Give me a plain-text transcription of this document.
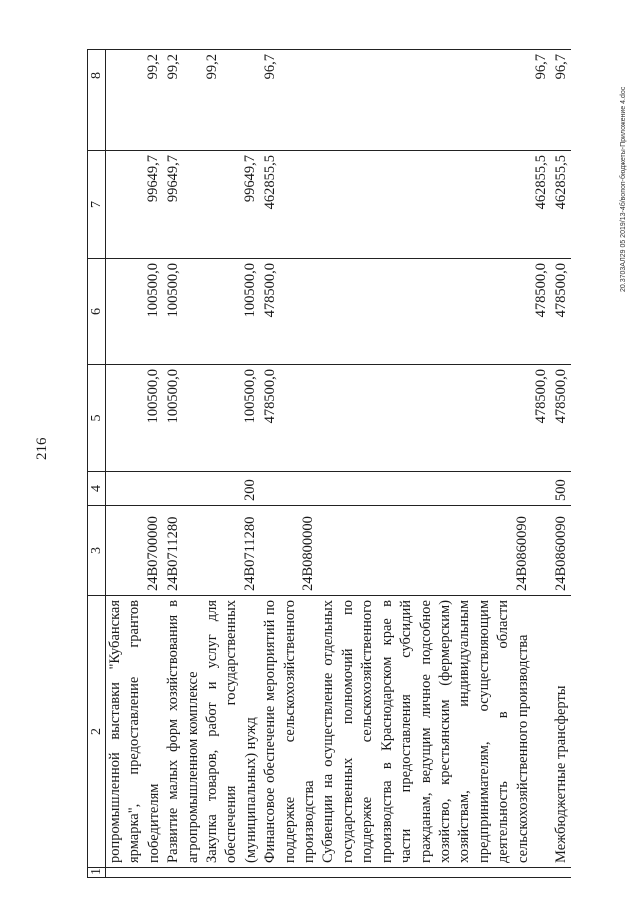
216
1	2	3	4	5	6	7	8
	ропромышленной выставки "Кубанская ярмарка", предоставление грантов победителям	24В0700000		100500,0	100500,0	99649,7	99,2

	Развитие малых форм хозяйствования в агропромышленном комплексе	24В0711280		100500,0	100500,0	99649,7	99,2

	Закупка товаров, работ и услуг для обеспечения государственных (муниципальных) нужд	24В0711280	200	100500,0	100500,0	99649,7	99,2

	Финансовое обеспечение мероприятий по поддержке сельскохозяйственного производства	24В0800000		478500,0	478500,0	462855,5	96,7

	Субвенции на осуществление отдельных государственных полномочий по поддержке сельскохозяйственного производства в Краснодарском крае в части предоставления субсидий гражданам, ведущим личное подсобное хозяйство, крестьянским (фермерским) хозяйствам, индивидуальным предпринимателям, осуществляющим деятельность в области сельскохозяйственного производства	24В0860090		478500,0	478500,0	462855,5	96,7

	Межбюджетные трансферты	24В0860090	500	478500,0	478500,0	462855,5	96,7
20.3703АЛ29 05 2019/13-4б/вопоп-бюджеты-Приложение 4.doc
